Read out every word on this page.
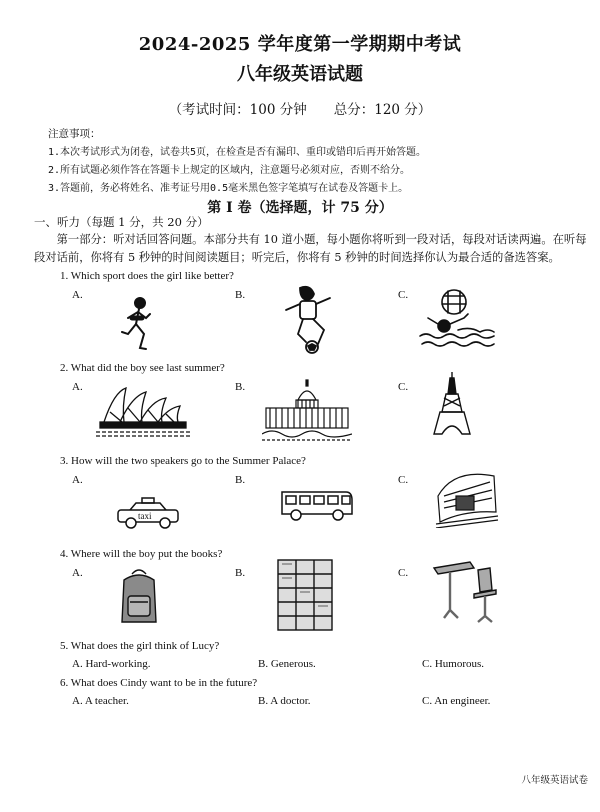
2024-2025 学年度第一学期期中考试
八年级英语试题
（考试时间：100 分钟　　总分：120 分）
注意事项：
1.本次考试形式为闭卷，试卷共5页，在检查是否有漏印、重印或错印后再开始答题。
2.所有试题必须作答在答题卡上规定的区域内，注意题号必须对应，否则不给分。
3.答题前，务必将姓名、准考证号用0.5毫米黑色签字笔填写在试卷及答题卡上。
第 I 卷（选择题，计 75 分）
一、听力（每题 1 分，共 20 分）
第一部分：听对话回答问题。本部分共有 10 道小题，每小题你将听到一段对话，每段对话读两遍。在听每段对话前，你将有 5 秒钟的时间阅读题目；听完后，你将有 5 秒钟的时间选择你认为最合适的备选答案。
1. Which sport does the girl like better?
A.	B.	C.
2. What did the boy see last summer?
A.	B.	C.
3. How will the two speakers go to the Summer Palace?
A.	B.	C.
taxi
4. Where will the boy put the books?
A.	B.	C.
5. What does the girl think of Lucy?
A. Hard-working.	B. Generous.	C. Humorous.
6. What does Cindy want to be in the future?
A. A teacher.	B. A doctor.	C. An engineer.
八年级英语试卷
